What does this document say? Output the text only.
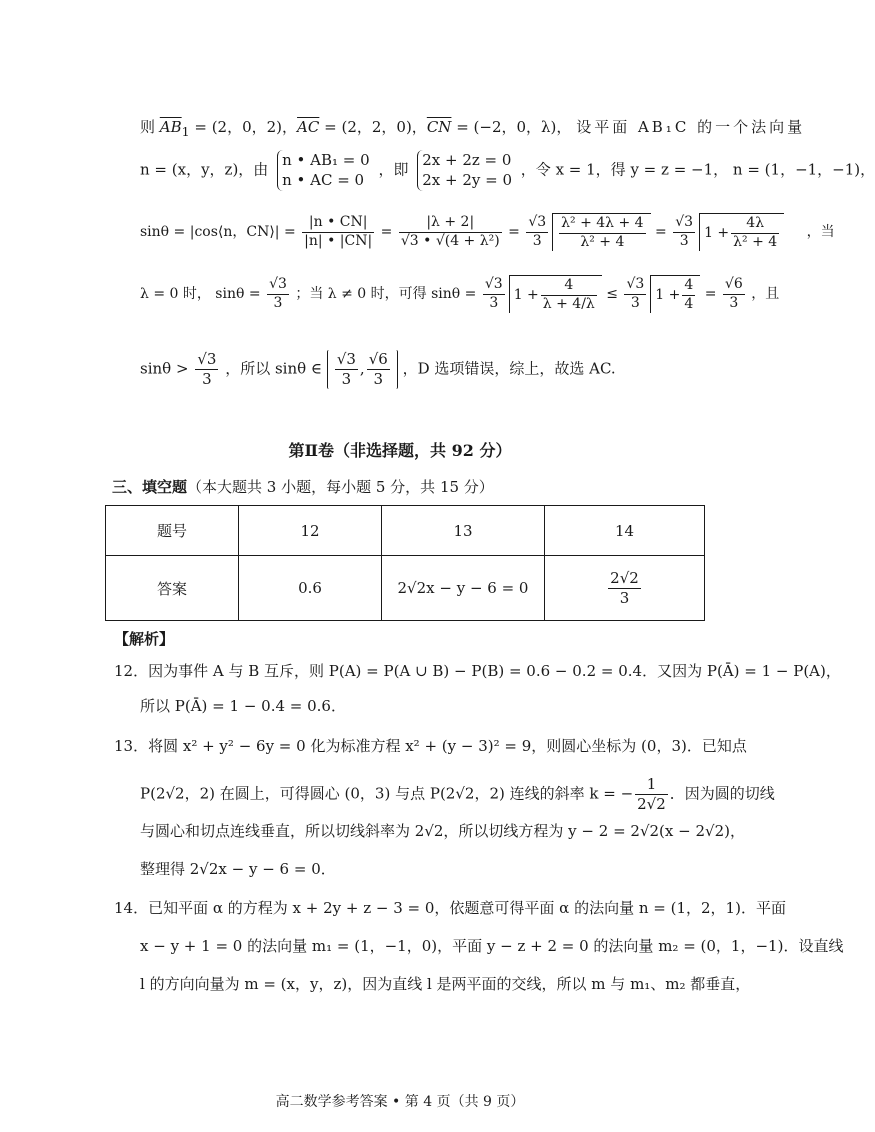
则 $\overline{AB}_1 = (2$，0，2)，$\overline{AC} = (2$，2，0)，$\overline{CN} = (-2$，0，λ)， 设平面 AB₁C 的一个法向量
n = (x，y，z)，由
n • AB₁ = 0
n • AC = 0
，即
2x + 2z = 0
2x + 2y = 0
，令 x = 1，得 y = z = −1， n = (1，−1，−1)，
sinθ = |cos⟨n，CN⟩| = $\frac{|n • CN|}{|n| • |CN|} = \frac{|\lambda + 2|}{\text{√3 • √(4 + λ²)}} = \frac{√3}{3} \frac{\text{λ² + 4λ + 4}}{\text{λ² + 4}} = \frac{√3}{3} 1 + \frac{4\lambda}{\text{λ² + 4}}$ ，当
λ = 0 时， $\sin\theta = \frac{√3}{3}$ ；当 λ ≠ 0 时，可得 $\sin\theta = \frac{√3}{3} 1 + \frac{4}{\lambda + 4/\lambda} \le \frac{√3}{3} 1 + \frac{4}{4} = \frac{√6}{3}$ ，且
$\sin\theta > \frac{√3}{3}$ ，所以 sinθ ∈ $\frac{√3}{3}$ , $\frac{√6}{3}$ ，D 选项错误，综上，故选 AC.
第Ⅱ卷（非选择题，共 92 分）
三、填空题（本大题共 3 小题，每小题 5 分，共 15 分）
题号	12	13	14
答案	0.6	2√2x − y − 6 = 0	$\frac{2√2}{3}$
【解析】
12．因为事件 A 与 B 互斥，则 P(A) = P(A ∪ B) − P(B) = 0.6 − 0.2 = 0.4．又因为 P(Ā) = 1 − P(A)，
所以 P(Ā) = 1 − 0.4 = 0.6．
13．将圆 x² + y² − 6y = 0 化为标准方程 x² + (y − 3)² = 9，则圆心坐标为 (0，3)．已知点
P(2√2，2) 在圆上，可得圆心 (0，3) 与点 P(2√2，2) 连线的斜率 k = − $\frac{1}{2√2}$ ．因为圆的切线
与圆心和切点连线垂直，所以切线斜率为 2√2，所以切线方程为 y − 2 = 2√2(x − 2√2)，
整理得 2√2x − y − 6 = 0．
14．已知平面 α 的方程为 x + 2y + z − 3 = 0，依题意可得平面 α 的法向量 n = (1，2，1)．平面
x − y + 1 = 0 的法向量 m₁ = (1，−1，0)，平面 y − z + 2 = 0 的法向量 m₂ = (0，1，−1)．设直线
l 的方向向量为 m = (x，y，z)，因为直线 l 是两平面的交线，所以 m 与 m₁、m₂ 都垂直，
高二数学参考答案 • 第 4 页（共 9 页）
